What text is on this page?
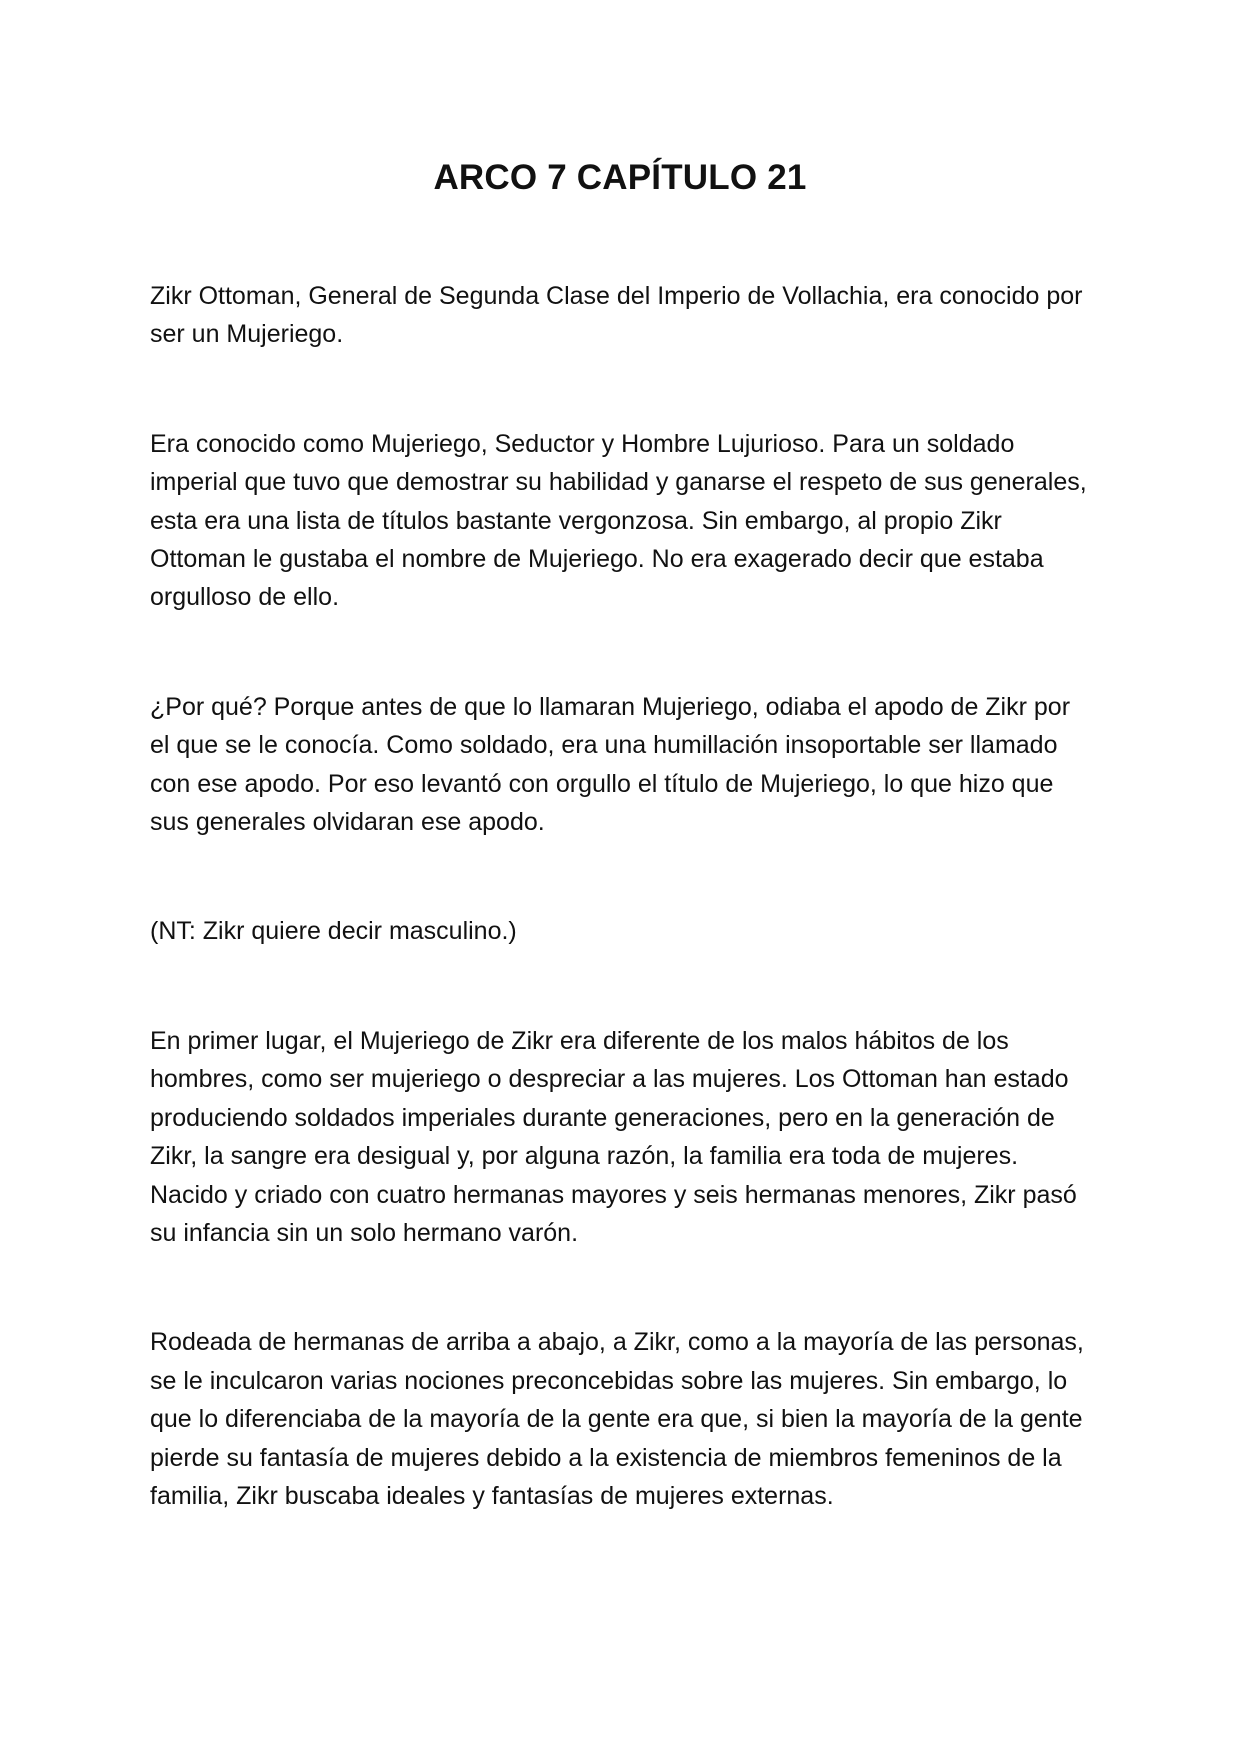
ARCO 7 CAPÍTULO 21

Zikr Ottoman, General de Segunda Clase del Imperio de Vollachia, era conocido por ser un Mujeriego.

Era conocido como Mujeriego, Seductor y Hombre Lujurioso. Para un soldado imperial que tuvo que demostrar su habilidad y ganarse el respeto de sus generales, esta era una lista de títulos bastante vergonzosa. Sin embargo, al propio Zikr Ottoman le gustaba el nombre de Mujeriego. No era exagerado decir que estaba orgulloso de ello.

¿Por qué? Porque antes de que lo llamaran Mujeriego, odiaba el apodo de Zikr por el que se le conocía. Como soldado, era una humillación insoportable ser llamado con ese apodo. Por eso levantó con orgullo el título de Mujeriego, lo que hizo que sus generales olvidaran ese apodo.

(NT: Zikr quiere decir masculino.)

En primer lugar, el Mujeriego de Zikr era diferente de los malos hábitos de los hombres, como ser mujeriego o despreciar a las mujeres. Los Ottoman han estado produciendo soldados imperiales durante generaciones, pero en la generación de Zikr, la sangre era desigual y, por alguna razón, la familia era toda de mujeres. Nacido y criado con cuatro hermanas mayores y seis hermanas menores, Zikr pasó su infancia sin un solo hermano varón.

Rodeada de hermanas de arriba a abajo, a Zikr, como a la mayoría de las personas, se le inculcaron varias nociones preconcebidas sobre las mujeres. Sin embargo, lo que lo diferenciaba de la mayoría de la gente era que, si bien la mayoría de la gente pierde su fantasía de mujeres debido a la existencia de miembros femeninos de la familia, Zikr buscaba ideales y fantasías de mujeres externas.
